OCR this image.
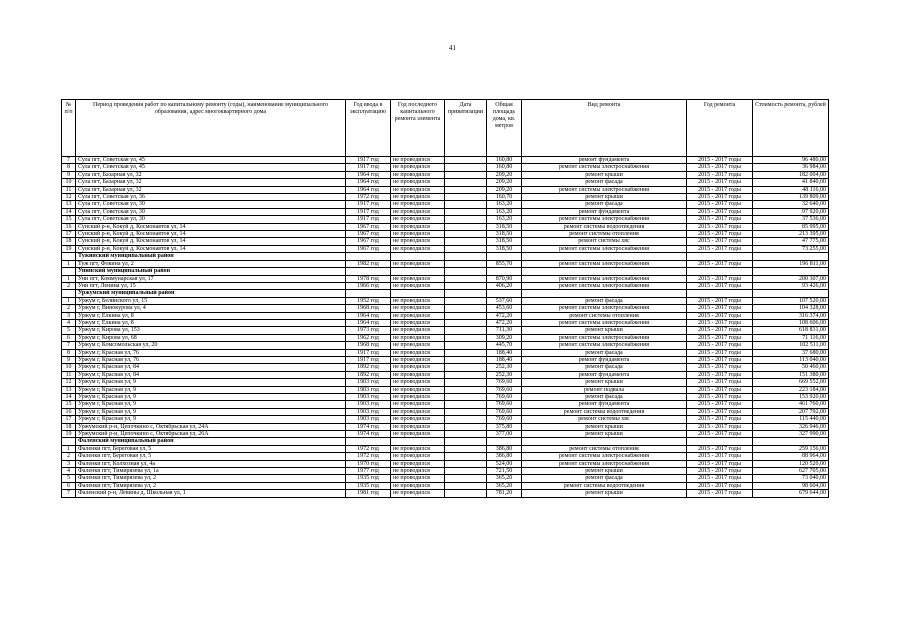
41
№ п/п	Период проведения работ по капитальному ремонту (годы), наименование муниципального образования, адрес многоквартирного дома	Год ввода в эксплуатацию	Год последнего капитального ремонта элемента	Дата приватизации	Общая площадь дома, кв. метров	Вид ремонта	Год ремонта	Стоимость ремонта, рублей
7	Сула пгт, Советская ул, 45	1917 год	не проводился		160,80	ремонт фундамента	2015 - 2017 годы	96 480,00
8	Сула пгт, Советская ул, 45	1917 год	не проводился		160,80	ремонт системы электроснабжения	2015 - 2017 годы	36 984,00
9	Сула пгт, Базарная ул, 32	1964 год	не проводился		209,20	ремонт крыши	2015 - 2017 годы	182 004,00
10	Сула пгт, Базарная ул, 32	1964 год	не проводился		209,20	ремонт фасада	2015 - 2017 годы	41 840,00
11	Сула пгт, Базарная ул, 32	1964 год	не проводился		209,20	ремонт системы электроснабжения	2015 - 2017 годы	48 116,00
12	Сула пгт, Советская ул, 36	1972 год	не проводился		160,70	ремонт крыши	2015 - 2017 годы	139 809,00
13	Сула пгт, Советская ул, 30	1917 год	не проводился		163,20	ремонт фасада	2015 - 2017 годы	32 640,00
14	Сула пгт, Советская ул, 30	1917 год	не проводился		163,20	ремонт фундамента	2015 - 2017 годы	97 920,00
15	Сула пгт, Советская ул, 30	1917 год	не проводился		163,20	ремонт системы электроснабжения	2015 - 2017 годы	37 536,00
16	Сунский р-н, Кокуй д, Космонавтов ул, 14	1967 год	не проводился		318,50	ремонт системы водоотведения	2015 - 2017 годы	85 995,00
17	Сунский р-н, Кокуй д, Космонавтов ул, 14	1967 год	не проводился		318,50	ремонт системы отопления	2015 - 2017 годы	213 395,00
18	Сунский р-н, Кокуй д, Космонавтов ул, 14	1967 год	не проводился		318,50	ремонт системы хвс	2015 - 2017 годы	47 775,00
19	Сунский р-н, Кокуй д, Космонавтов ул, 14	1967 год	не проводился		318,50	ремонт системы электроснабжения	2015 - 2017 годы	73 255,00
	Тужинский муниципальный район							
1	Туж пгт, Фокина ул, 2	1982 год	не проводился		855,70	ремонт системы электроснабжения	2015 - 2017 годы	196 811,00
	Унинский муниципальный район							
1	Уни пгт, Коммунарская ул, 17	1978 год	не проводился		870,90	ремонт системы электроснабжения	2015 - 2017 годы	200 307,00
2	Уни пгт, Ленина ул, 15	1966 год	не проводился		406,20	ремонт системы электроснабжения	2015 - 2017 годы	93 426,00
	Уржумский муниципальный район							
1	Уржум г, Белинского ул, 15	1952 год	не проводился		537,60	ремонт фасада	2015 - 2017 годы	107 520,00
2	Уржум г, Винокурова ул, 4	1968 год	не проводился		453,60	ремонт системы электроснабжения	2015 - 2017 годы	104 328,00
3	Уржум г, Елкина ул, 8	1964 год	не проводился		472,20	ремонт системы отопления	2015 - 2017 годы	316 374,00
4	Уржум г, Елкина ул, 8	1964 год	не проводился		472,20	ремонт системы электроснабжения	2015 - 2017 годы	108 606,00
5	Уржум г, Кирова ул, 153	1973 год	не проводился		711,30	ремонт крыши	2015 - 2017 годы	618 831,00
6	Уржум г, Кирова ул, 68	1962 год	не проводился		309,20	ремонт системы электроснабжения	2015 - 2017 годы	71 116,00
7	Уржум г, Комсомольская ул, 20	1968 год	не проводился		445,70	ремонт системы электроснабжения	2015 - 2017 годы	102 511,00
8	Уржум г, Красная ул, 76	1917 год	не проводился		188,40	ремонт фасада	2015 - 2017 годы	37 680,00
9	Уржум г, Красная ул, 76	1917 год	не проводился		188,40	ремонт фундамента	2015 - 2017 годы	113 040,00
10	Уржум г, Красная ул, 84	1892 год	не проводился		252,30	ремонт фасада	2015 - 2017 годы	50 460,00
11	Уржум г, Красная ул, 84	1892 год	не проводился		252,30	ремонт фундамента	2015 - 2017 годы	151 380,00
12	Уржум г, Красная ул, 9	1903 год	не проводился		769,60	ремонт крыши	2015 - 2017 годы	669 552,00
13	Уржум г, Красная ул, 9	1903 год	не проводился		769,60	ремонт подвала	2015 - 2017 годы	223 184,00
14	Уржум г, Красная ул, 9	1903 год	не проводился		769,60	ремонт фасада	2015 - 2017 годы	153 920,00
15	Уржум г, Красная ул, 9	1903 год	не проводился		769,60	ремонт фундамента	2015 - 2017 годы	461 760,00
16	Уржум г, Красная ул, 9	1903 год	не проводился		769,60	ремонт системы водоотведения	2015 - 2017 годы	207 792,00
17	Уржум г, Красная ул, 9	1903 год	не проводился		769,60	ремонт системы хвс	2015 - 2017 годы	115 440,00
18	Уржумский р-н, Цепочкино с, Октябрьская ул, 24А	1974 год	не проводился		375,80	ремонт крыши	2015 - 2017 годы	326 946,00
19	Уржумский р-н, Цепочкино с, Октябрьская ул, 26А	1974 год	не проводился		377,00	ремонт крыши	2015 - 2017 годы	327 990,00
	Фаленский муниципальный район							
1	Фаленки пгт, Береговая ул, 5	1972 год	не проводился		386,80	ремонт системы отопления	2015 - 2017 годы	259 156,00
2	Фаленки пгт, Береговая ул, 5	1972 год	не проводился		386,80	ремонт системы электроснабжения	2015 - 2017 годы	88 964,00
3	Фаленки пгт, Колхозная ул, 4а	1970 год	не проводился		524,00	ремонт системы электроснабжения	2015 - 2017 годы	120 520,00
4	Фаленки пгт, Тимирязева ул, 1а	1977 год	не проводился		721,50	ремонт крыши	2015 - 2017 годы	627 705,00
5	Фаленки пгт, Тимирязева ул, 2	1935 год	не проводился		365,20	ремонт фасада	2015 - 2017 годы	73 040,00
6	Фаленки пгт, Тимирязева ул, 2	1935 год	не проводился		365,20	ремонт системы водоотведения	2015 - 2017 годы	98 604,00
7	Фаленский р-н, Левины д, Школьная ул, 1	1981 год	не проводился		781,20	ремонт крыши	2015 - 2017 годы	679 644,00
